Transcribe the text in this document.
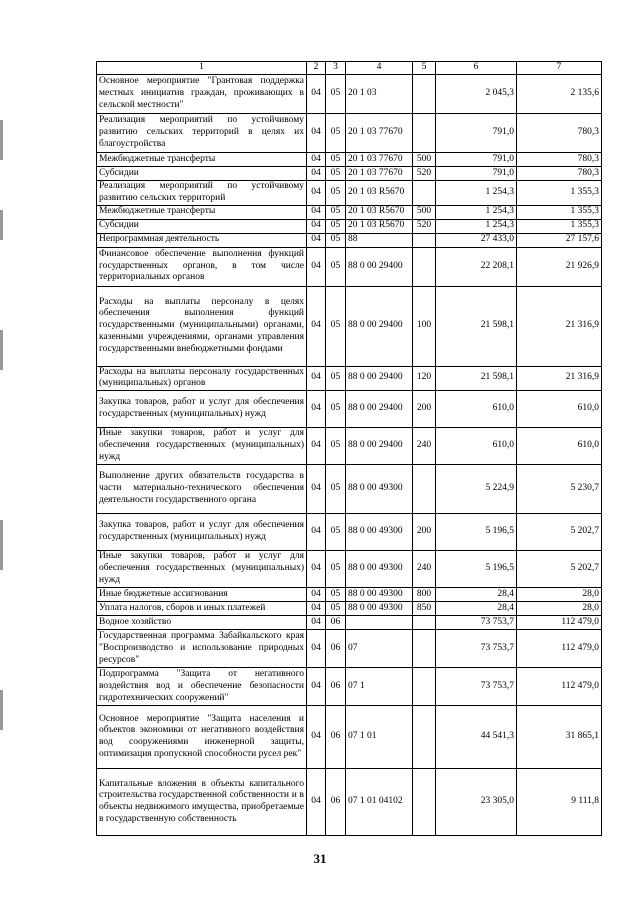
1	2	3	4	5	6	7
Основное мероприятие "Грантовая поддержка местных инициатив граждан, проживающих в сельской местности"	04	05	20 1 03		2 045,3	2 135,6
Реализация мероприятий по устойчивому развитию сельских территорий в целях их благоустройства	04	05	20 1 03 77670		791,0	780,3
Межбюджетные трансферты	04	05	20 1 03 77670	500	791,0	780,3
Субсидии	04	05	20 1 03 77670	520	791,0	780,3
Реализация мероприятий по устойчивому развитию сельских территорий	04	05	20 1 03 R5670		1 254,3	1 355,3
Межбюджетные трансферты	04	05	20 1 03 R5670	500	1 254,3	1 355,3
Субсидии	04	05	20 1 03 R5670	520	1 254,3	1 355,3
Непрограммная деятельность	04	05	88		27 433,0	27 157,6
Финансовое обеспечение выполнения функций государственных органов, в том числе территориальных органов	04	05	88 0 00 29400		22 208,1	21 926,9
Расходы на выплаты персоналу в целях обеспечения выполнения функций государственными (муниципальными) органами, казенными учреждениями, органами управления государственными внебюджетными фондами	04	05	88 0 00 29400	100	21 598,1	21 316,9
Расходы на выплаты персоналу государственных (муниципальных) органов	04	05	88 0 00 29400	120	21 598,1	21 316,9
Закупка товаров, работ и услуг для обеспечения государственных (муниципальных) нужд	04	05	88 0 00 29400	200	610,0	610,0
Иные закупки товаров, работ и услуг для обеспечения государственных (муниципальных) нужд	04	05	88 0 00 29400	240	610,0	610,0
Выполнение других обязательств государства в части материально-технического обеспечения деятельности государственного органа	04	05	88 0 00 49300		5 224,9	5 230,7
Закупка товаров, работ и услуг для обеспечения государственных (муниципальных) нужд	04	05	88 0 00 49300	200	5 196,5	5 202,7
Иные закупки товаров, работ и услуг для обеспечения государственных (муниципальных) нужд	04	05	88 0 00 49300	240	5 196,5	5 202,7
Иные бюджетные ассигнования	04	05	88 0 00 49300	800	28,4	28,0
Уплата налогов, сборов и иных платежей	04	05	88 0 00 49300	850	28,4	28,0
Водное хозяйство	04	06			73 753,7	112 479,0
Государственная программа Забайкальского края "Воспроизводство и использование природных ресурсов"	04	06	07		73 753,7	112 479,0
Подпрограмма "Защита от негативного воздействия вод и обеспечение безопасности гидротехнических сооружений"	04	06	07 1		73 753,7	112 479,0
Основное мероприятие "Защита населения и объектов экономики от негативного воздействия вод сооружениями инженерной защиты, оптимизация пропускной способности русел рек"	04	06	07 1 01		44 541,3	31 865,1
Капитальные вложения в объекты капитального строительства государственной собственности и в объекты недвижимого имущества, приобретаемые в государственную собственность	04	06	07 1 01 04102		23 305,0	9 111,8
31
